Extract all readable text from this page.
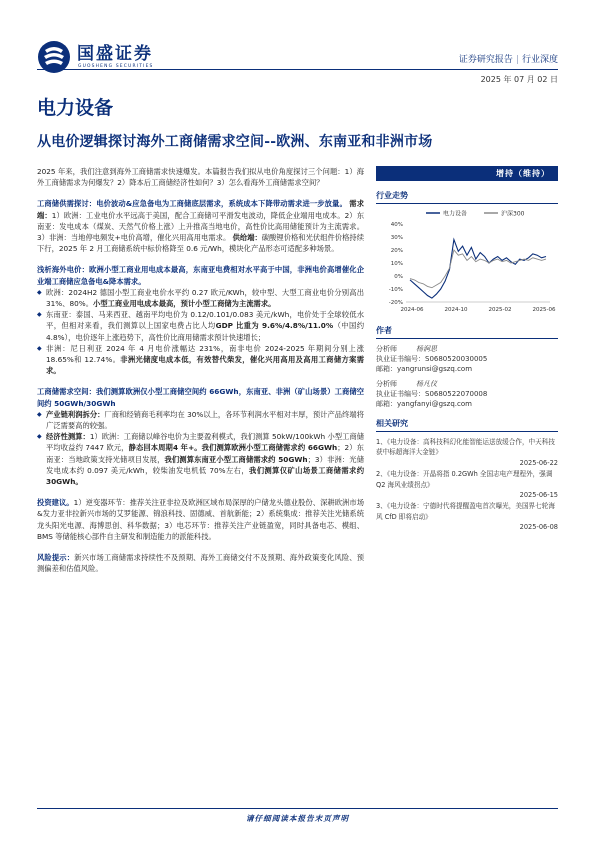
国盛证券
GUOSHENG SECURITIES
证券研究报告 | 行业深度
2025 年 07 月 02 日
电力设备
从电价逻辑探讨海外工商储需求空间--欧洲、东南亚和非洲市场
2025 年来，我们注意到海外工商储需求快速爆发。本篇报告我们拟从电价角度探讨三个问题：1）海外工商储需求为何爆发？2）降本后工商储经济性如何？3）怎么看海外工商储需求空间？
工商储供需探讨：电价波动&应急备电为工商储底层需求，系统成本下降带动需求进一步放量。 需求端：1）欧洲：工业电价水平远高于美国，配合工商储可平滑发电波动，降低企业端用电成本。2）东南亚：发电成本（煤炭、天然气价格上涨）上升推高当地电价，高性价比高用储能预计为主流需求。3）非洲：当地停电频发+电价高增，催化兴用高用电需求。 供给端：碳酸锂价格和光伏组件价格持续下行，2025 年 2 月工商储系统中标价格降至 0.6 元/Wh，模块化产品形态可适配多种场景。
浅析海外电价：欧洲小型工商业用电成本最高，东南亚电费相对水平高于中国，非洲电价高增催化企业端工商储应急备电&降本需求。
◆ 欧洲：2024H2 德国小型工商业电价水平约 0.27 欧元/KWh，较中型、大型工商业电价分别高出 31%、80%。小型工商业用电成本最高，预计小型工商储为主流需求。
◆ 东南亚：泰国、马来西亚、越南平均电价为 0.12/0.101/0.083 美元/kWh，电价处于全球较低水平，但相对来看，我们测算以上国家电费占比人均GDP 比重为 9.6%/4.8%/11.0%（中国约 4.8%），电价逐年上涨趋势下，高性价比商用储需求预计快速增长；
◆ 非洲：尼日利亚 2024 年 4 月电价涨幅达 231%，南非电价 2024-2025 年期间分别上涨 18.65%和 12.74%。非洲光储度电成本低，有效替代柴发，催化兴用高用及高用工商储方案需求。
工商储需求空间：我们测算欧洲仅小型工商储空间约 66GWh，东南亚、非洲（矿山场景）工商储空间约 50GWh/30GWh
◆ 产业链利润拆分：厂商和经销商毛利率均在 30%以上，各环节利润水平相对丰厚，预计产品终端将广泛需要高的较强。
◆ 经济性测算：1）欧洲：工商储以峰谷电价为主要盈利模式，我们测算 50kW/100kWh 小型工商储平均收益约 7447 欧元，静态回本周期4 年+。我们测算欧洲小型工商储需求约 66GWh；2）东南亚：当地政策支持光储项目发展，我们测算东南亚小型工商储需求约 50GWh；3）非洲：光储发电成本约 0.097 美元/kWh，较柴油发电机低 70%左右，我们测算仅矿山场景工商储需求约 30GWh。
投资建议。1）逆变器环节：推荐关注亚非拉及欧洲区域布局深厚的户储龙头德业股份、深耕欧洲市场&发力亚非拉新兴市场的艾罗能源、锦浪科技、固德威、首航新能；2）系统集成：推荐关注光储系统龙头阳光电源、海博思创、科华数据；3）电芯环节：推荐关注产业链盈宽，同时具备电芯、模组、BMS 等储能核心部件自主研发和制造能力的派能科技。
风险提示：新兴市场工商储需求持续性不及预期、海外工商储交付不及预期、海外政策变化风险、预测偏差和估值风险。
增持（维持）
行业走势
电力设备	沪深300
40%
30%
20%
10%
0%
-10%
-20%
2024-06	2024-10	2025-02	2025-06
作者
分析师	杨润思
执业证书编号： S0680520030005
邮箱： yangrunsi@gszq.com
分析师	杨凡仪
执业证书编号： S0680522070008
邮箱： yangfanyi@gszq.com
相关研究
1、《电力设备：高科技科幻化能智能运送放缓合作，中天科技获中标超海洋大金链》
2025-06-22
2、《电力设备：开晶将指 0.2GWh 全国志电产理程外，强调 Q2 海风业绩拐点》
2025-06-15
3、《电力设备：宁德时代将提醒盈电首次曝光，美国界七轮海风 CfD 即将启动》
2025-06-08
请仔细阅读本报告末页声明
